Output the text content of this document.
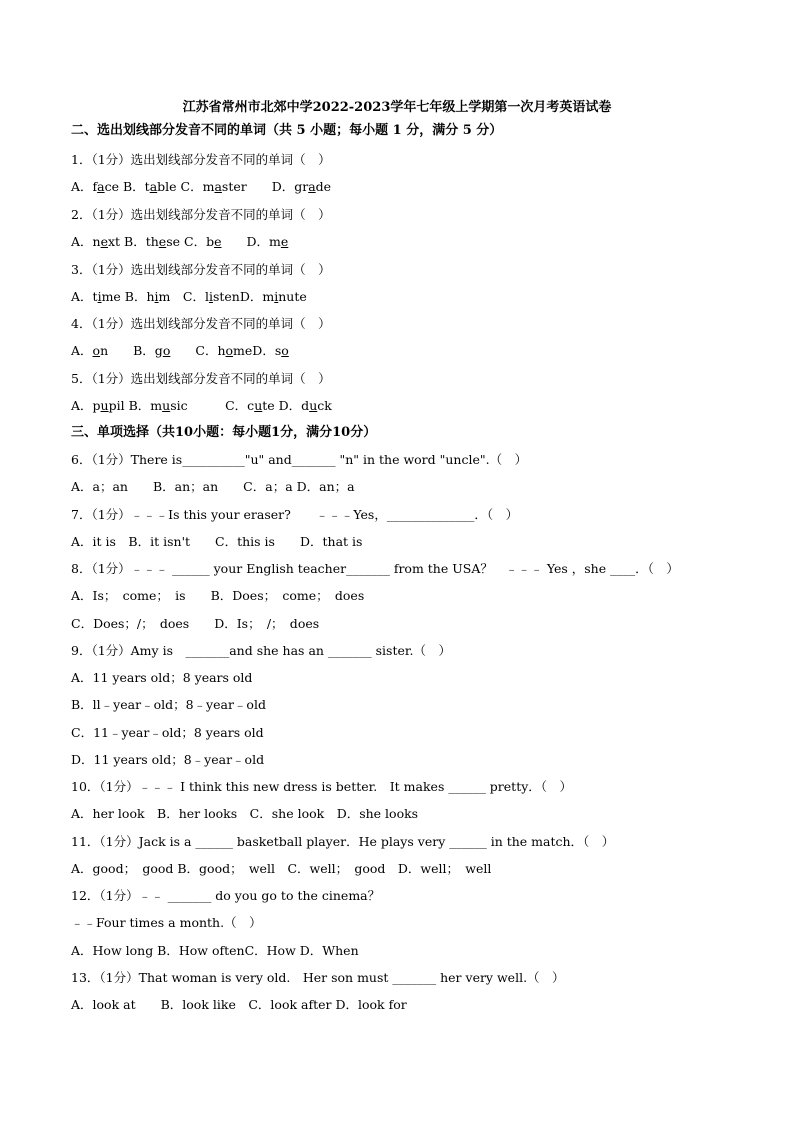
江苏省常州市北郊中学2022-2023学年七年级上学期第一次月考英语试卷
二、选出划线部分发音不同的单词（共 5 小题；每小题 1 分，满分 5 分）
1．（1分）选出划线部分发音不同的单词（　）
A．face B．table C．master　　D．grade
2．（1分）选出划线部分发音不同的单词（　）
A．next B．these C．be　　 D．me
3．（1分）选出划线部分发音不同的单词（　）
A．time B．him　C．listenD．minute
4．（1分）选出划线部分发音不同的单词（　）
A．on　　B．go　　 C．homeD．so
5．（1分）选出划线部分发音不同的单词（　）
A．pupil B．music　　　C．cute D．duck
三、单项选择（共10小题：每小题1分，满分10分）
6．（1分）There is__________"u" and_______ "n" in the word "uncle".（　）
A．a；an　　B．an；an　　C．a；a D．an；a
7．（1分）﹣﹣﹣Is this your eraser?　　﹣﹣﹣Yes，______________．（　）
A．it is　B．it isn't　　C．this is　　D．that is
8．（1分）﹣﹣﹣ ______ your English teacher_______ from the USA？　﹣﹣﹣ Yes ，she ____．（　）
A．Is；　come；　is　　B．Does；　come；　does
C．Does；/；　does　　D．Is；　/；　does
9．（1分）Amy is　_______and she has an _______ sister.（　）
A．11 years old；8 years old
B．ll﹣year﹣old；8﹣year﹣old
C．11﹣year﹣old；8 years old
D．11 years old；8﹣year﹣old
10．（1分）﹣﹣﹣ I think this new dress is better.　It makes ______ pretty．（　）
A．her look　B．her looks　C．she look　D．she looks
11．（1分）Jack is a ______ basketball player．He plays very ______ in the match．（　）
A．good；　good B．good；　well　C．well；　good　D．well；　well
12．（1分）﹣﹣ _______ do you go to the cinema？
﹣﹣Four times a month.（　）
A．How long B．How oftenC．How D．When
13．（1分）That woman is very old.　Her son must _______ her very well.（　）
A．look at　　B．look like　C．look after D．look for
